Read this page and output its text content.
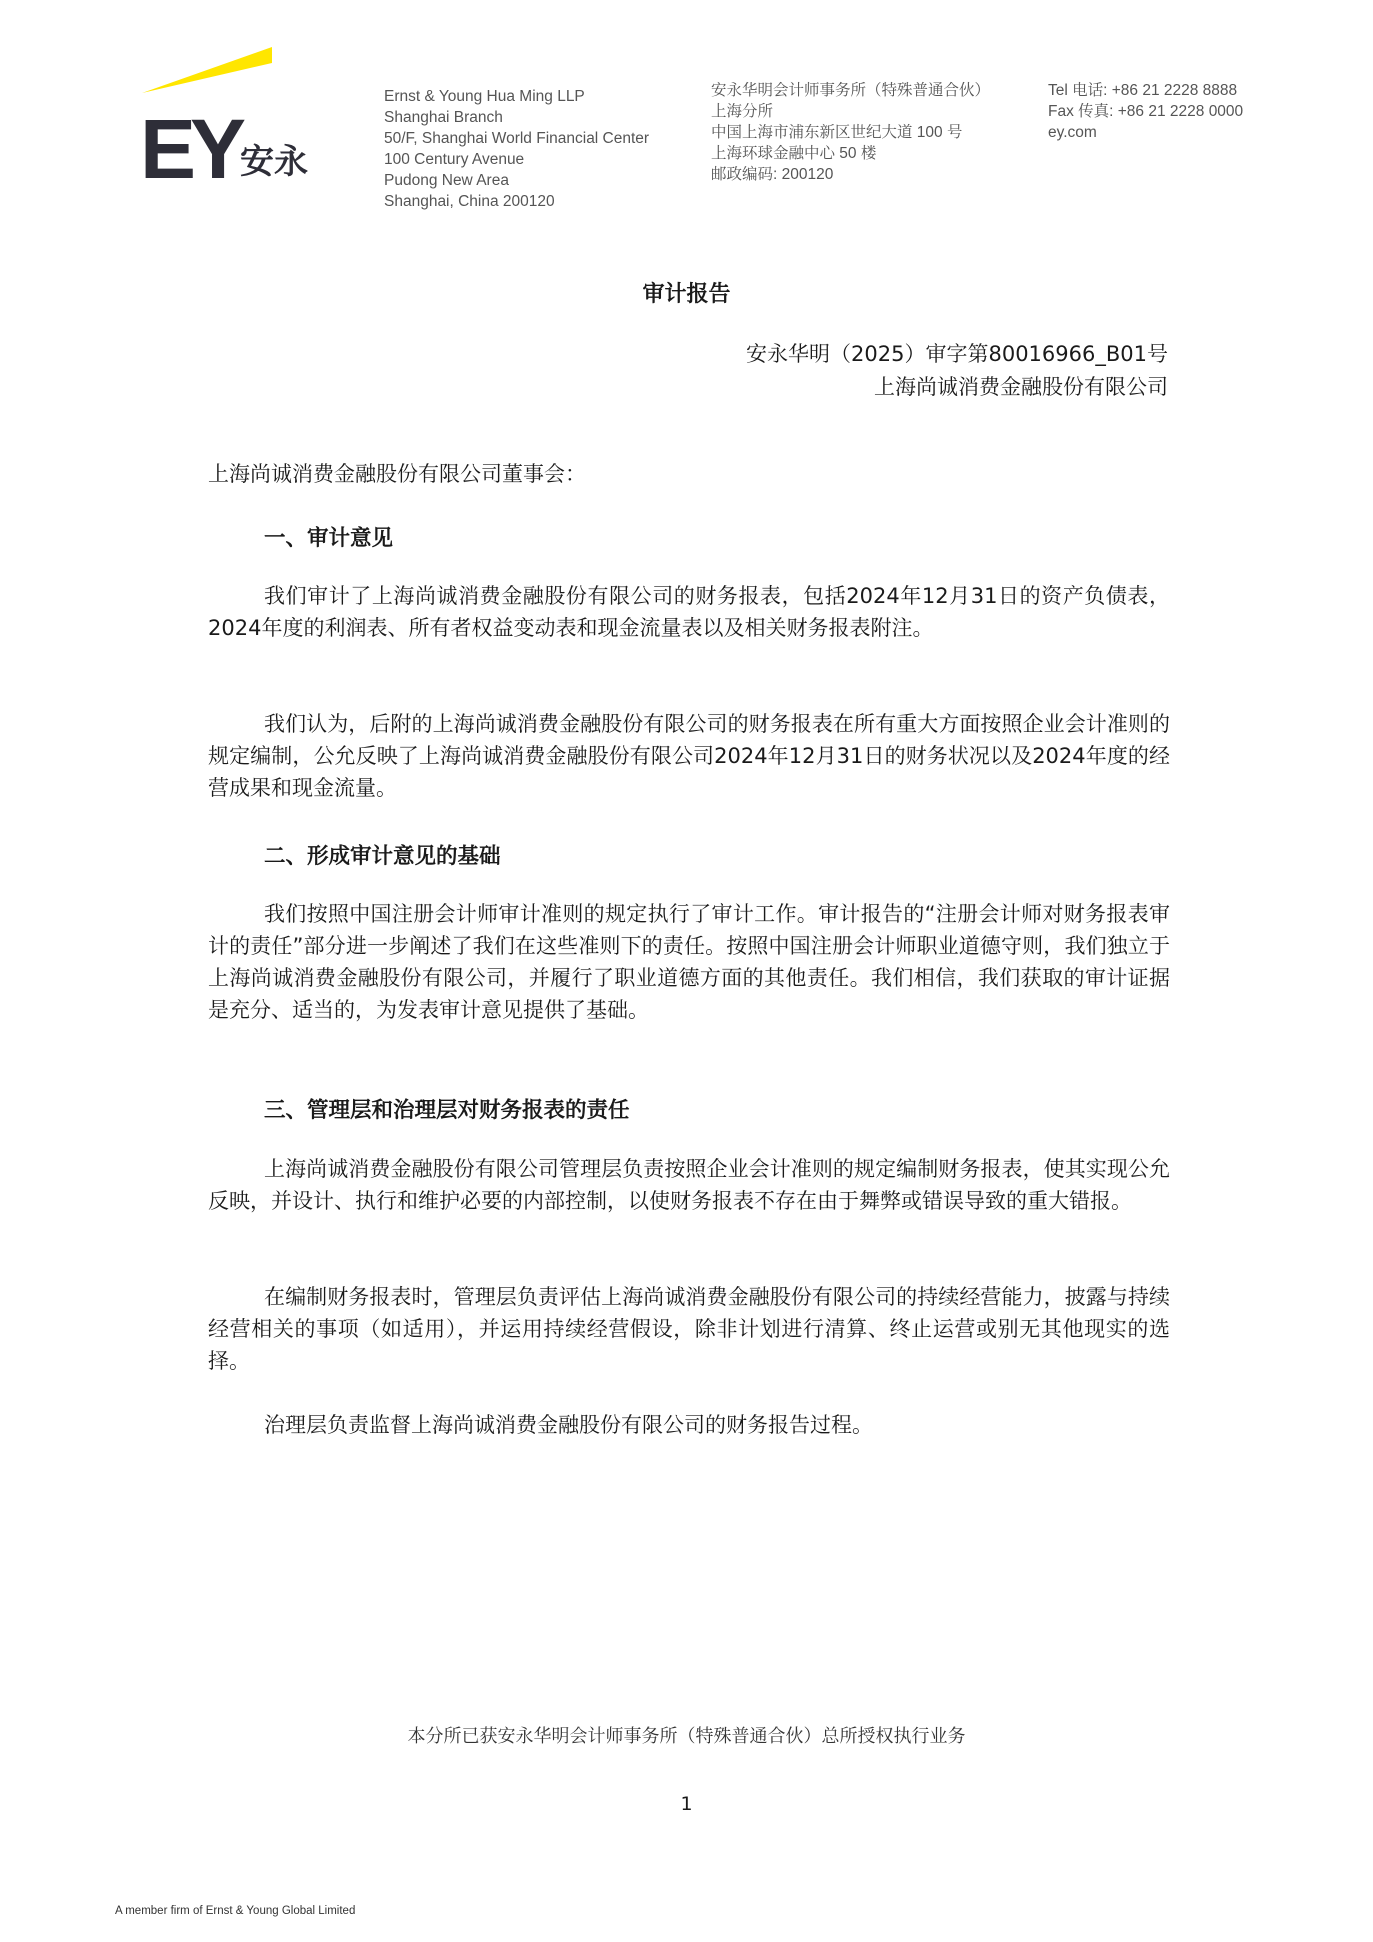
EY 安永
Ernst & Young Hua Ming LLP
Shanghai Branch
50/F, Shanghai World Financial Center
100 Century Avenue
Pudong New Area
Shanghai, China 200120
安永华明会计师事务所（特殊普通合伙）
上海分所
中国上海市浦东新区世纪大道 100 号
上海环球金融中心 50 楼
邮政编码: 200120
Tel 电话: +86 21 2228 8888
Fax 传真: +86 21 2228 0000
ey.com
审计报告
安永华明（2025）审字第80016966_B01号
上海尚诚消费金融股份有限公司
上海尚诚消费金融股份有限公司董事会：
一、审计意见

我们审计了上海尚诚消费金融股份有限公司的财务报表，包括2024年12月31日的资产负债表，2024年度的利润表、所有者权益变动表和现金流量表以及相关财务报表附注。

我们认为，后附的上海尚诚消费金融股份有限公司的财务报表在所有重大方面按照企业会计准则的规定编制，公允反映了上海尚诚消费金融股份有限公司2024年12月31日的财务状况以及2024年度的经营成果和现金流量。

二、形成审计意见的基础

我们按照中国注册会计师审计准则的规定执行了审计工作。审计报告的“注册会计师对财务报表审计的责任”部分进一步阐述了我们在这些准则下的责任。按照中国注册会计师职业道德守则，我们独立于上海尚诚消费金融股份有限公司，并履行了职业道德方面的其他责任。我们相信，我们获取的审计证据是充分、适当的，为发表审计意见提供了基础。

三、管理层和治理层对财务报表的责任

上海尚诚消费金融股份有限公司管理层负责按照企业会计准则的规定编制财务报表，使其实现公允反映，并设计、执行和维护必要的内部控制，以使财务报表不存在由于舞弊或错误导致的重大错报。

在编制财务报表时，管理层负责评估上海尚诚消费金融股份有限公司的持续经营能力，披露与持续经营相关的事项（如适用），并运用持续经营假设，除非计划进行清算、终止运营或别无其他现实的选择。

治理层负责监督上海尚诚消费金融股份有限公司的财务报告过程。

本分所已获安永华明会计师事务所（特殊普通合伙）总所授权执行业务
1
A member firm of Ernst & Young Global Limited
